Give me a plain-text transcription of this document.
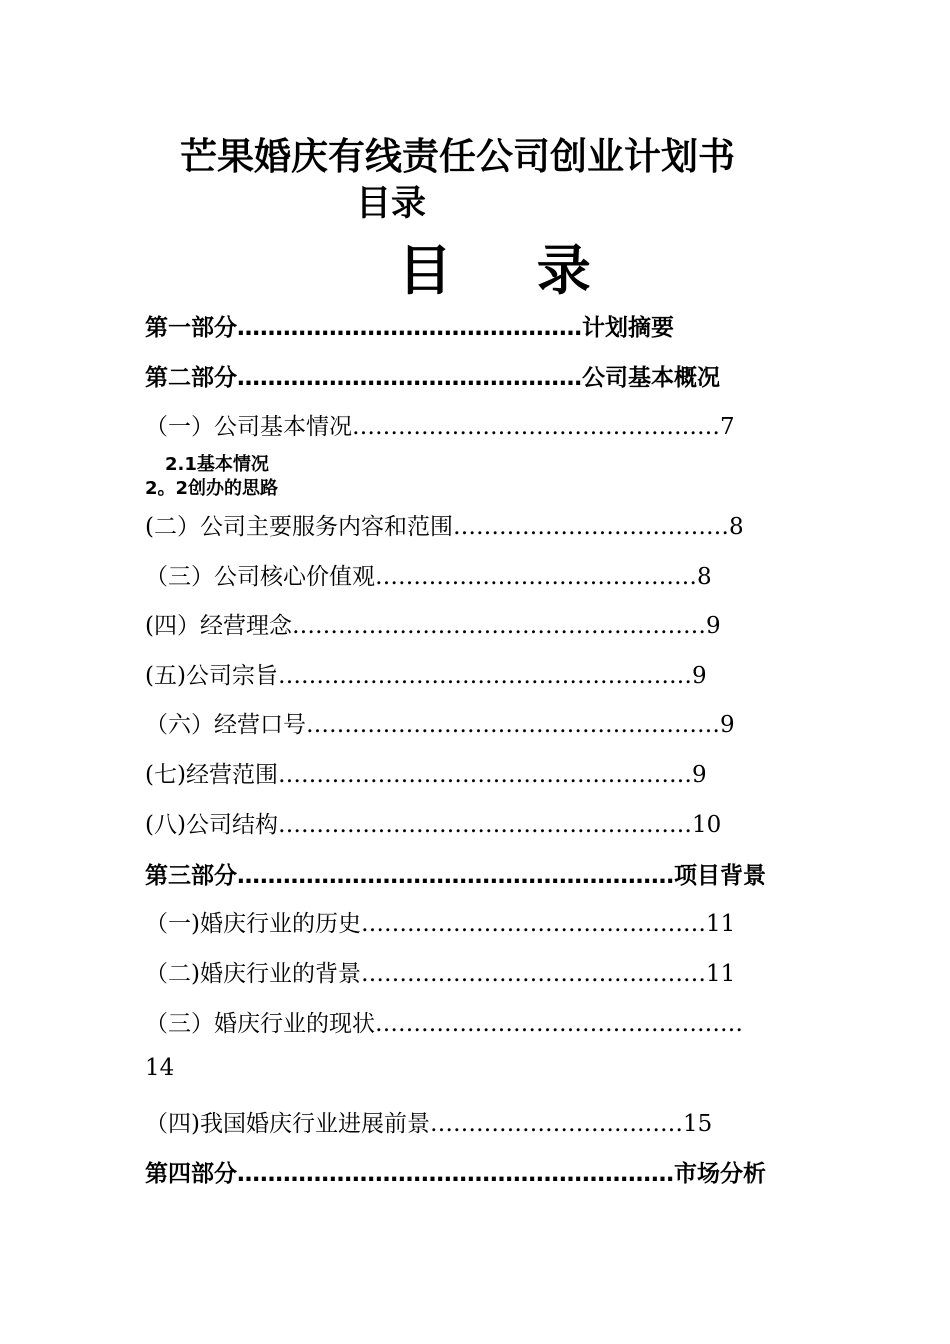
芒果婚庆有线责任公司创业计划书
目录
目　 录
第一部分………………………………………计划摘要
第二部分………………………………………公司基本概况
（一）公司基本情况…………………………………………7
2.1基本情况
2。2创办的思路
(二）公司主要服务内容和范围………………………………8
（三）公司核心价值观……………………………………8
(四）经营理念………………………………………………9
(五)公司宗旨………………………………………………9
（六）经营口号………………………………………………9
(七)经营范围………………………………………………9
(八)公司结构………………………………………………10
第三部分…………………………………………………项目背景
（一)婚庆行业的历史………………………………………11
（二)婚庆行业的背景………………………………………11
（三）婚庆行业的现状…………………………………………
14
（四)我国婚庆行业进展前景……………………………15
第四部分…………………………………………………市场分析
